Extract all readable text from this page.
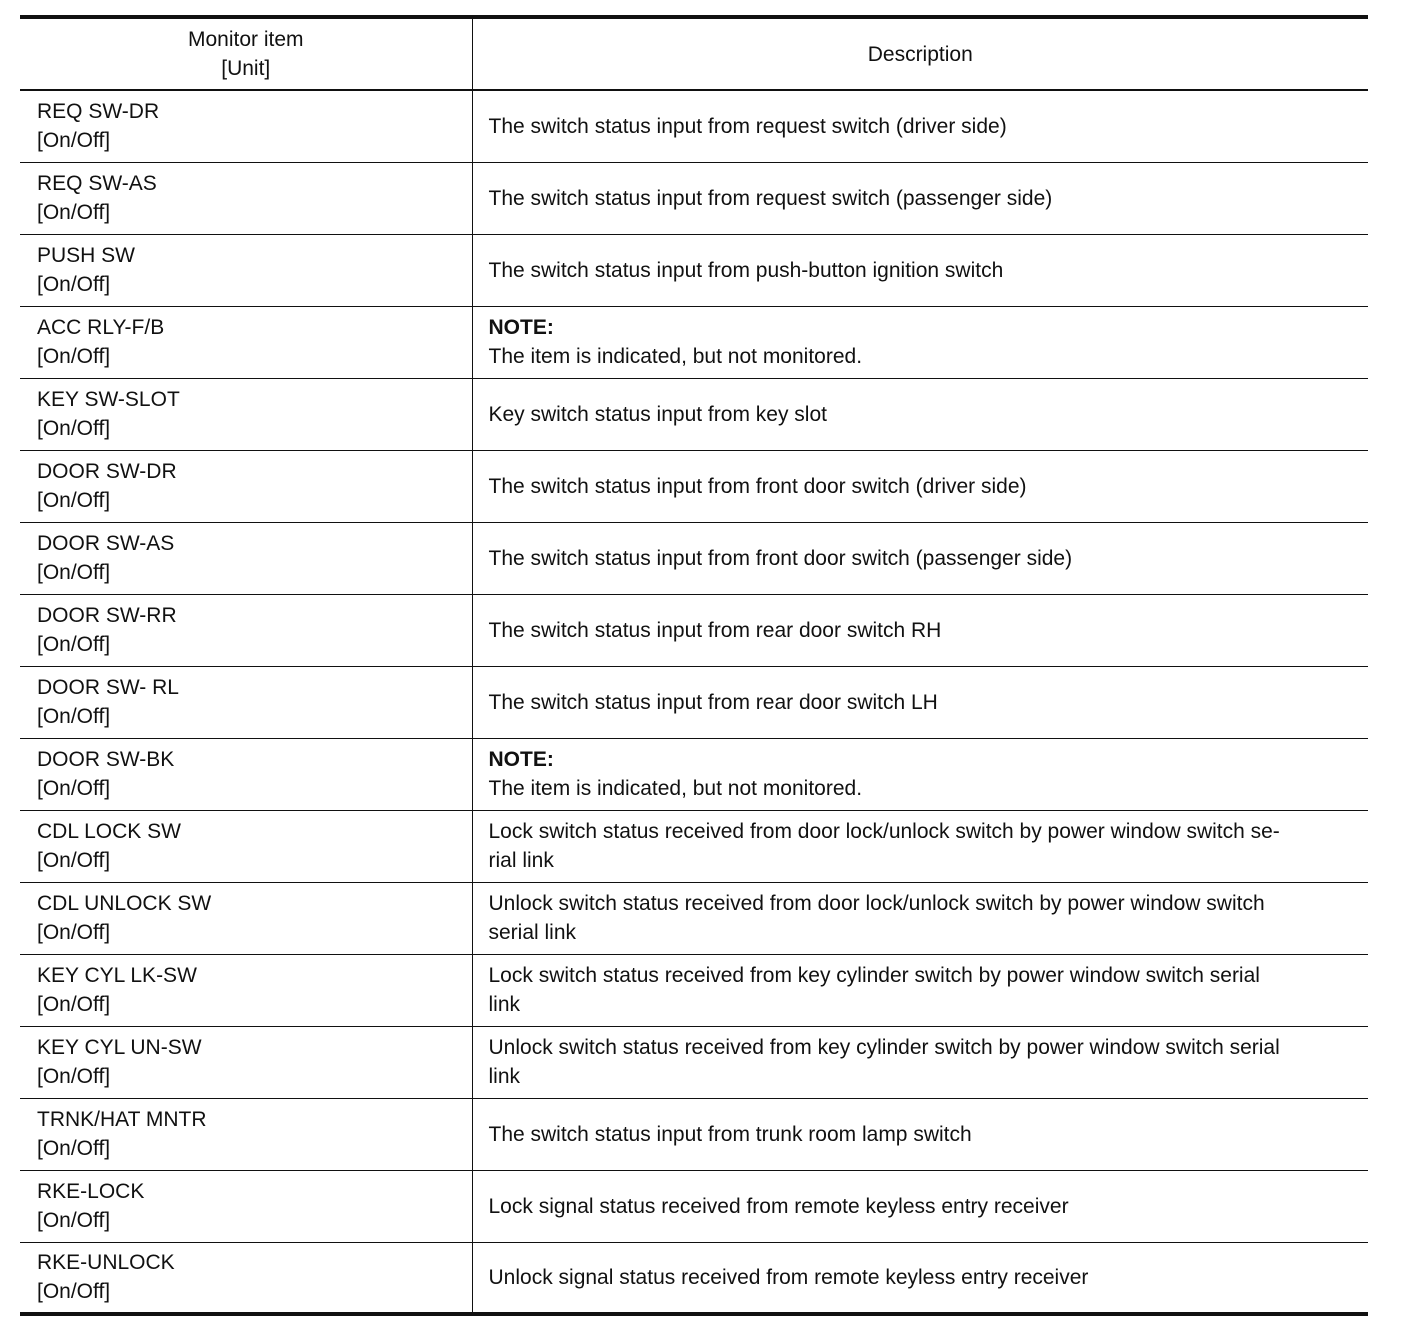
Monitor item
[Unit]	Description

REQ SW-DR
[On/Off]	The switch status input from request switch (driver side)

REQ SW-AS
[On/Off]	The switch status input from request switch (passenger side)

PUSH SW
[On/Off]	The switch status input from push-button ignition switch

ACC RLY-F/B
[On/Off]	NOTE:
The item is indicated, but not monitored.

KEY SW-SLOT
[On/Off]	Key switch status input from key slot

DOOR SW-DR
[On/Off]	The switch status input from front door switch (driver side)

DOOR SW-AS
[On/Off]	The switch status input from front door switch (passenger side)

DOOR SW-RR
[On/Off]	The switch status input from rear door switch RH

DOOR SW- RL
[On/Off]	The switch status input from rear door switch LH

DOOR SW-BK
[On/Off]	NOTE:
The item is indicated, but not monitored.

CDL LOCK SW
[On/Off]	Lock switch status received from door lock/unlock switch by power window switch se-
rial link

CDL UNLOCK SW
[On/Off]	Unlock switch status received from door lock/unlock switch by power window switch
serial link

KEY CYL LK-SW
[On/Off]	Lock switch status received from key cylinder switch by power window switch serial
link

KEY CYL UN-SW
[On/Off]	Unlock switch status received from key cylinder switch by power window switch serial
link

TRNK/HAT MNTR
[On/Off]	The switch status input from trunk room lamp switch

RKE-LOCK
[On/Off]	Lock signal status received from remote keyless entry receiver

RKE-UNLOCK
[On/Off]	Unlock signal status received from remote keyless entry receiver
